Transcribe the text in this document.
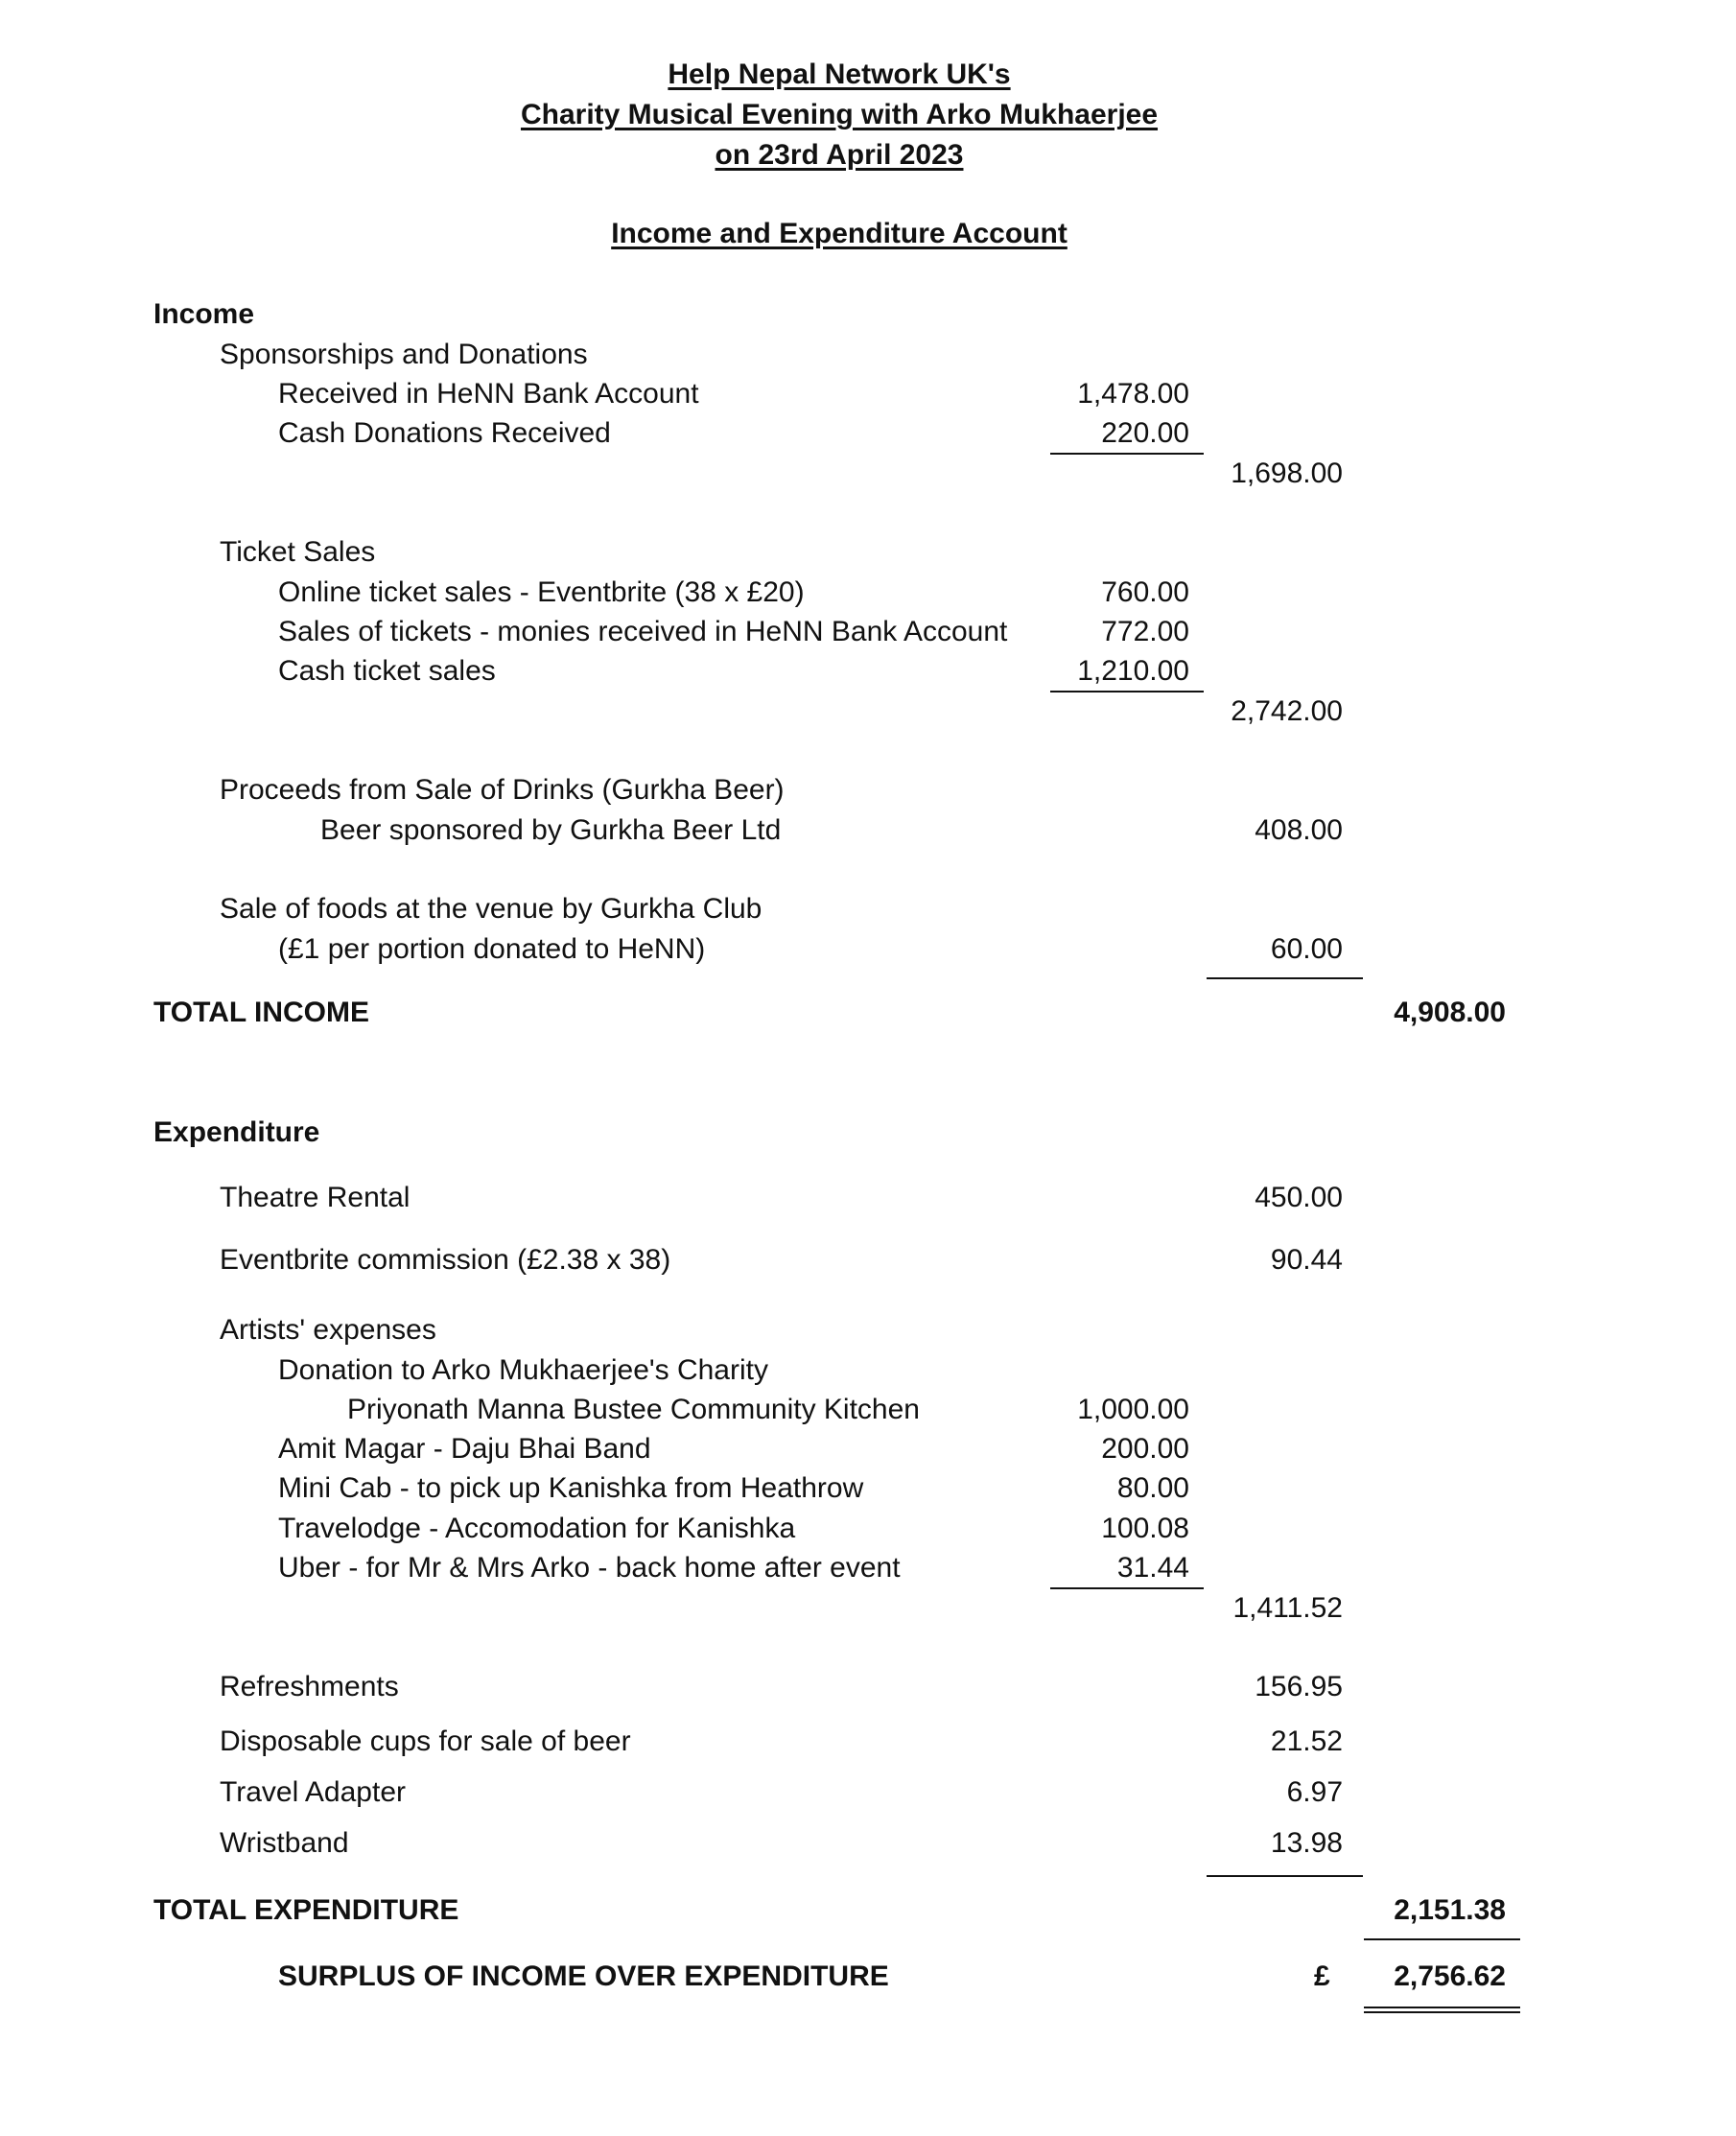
Help Nepal Network UK's
Charity Musical Evening with Arko Mukhaerjee
on 23rd April 2023
Income and Expenditure Account
Income
Sponsorships and Donations
Received in HeNN Bank Account	1,478.00
Cash Donations Received	220.00
1,698.00
Ticket Sales
Online ticket sales - Eventbrite (38 x £20)	760.00
Sales of tickets - monies received in HeNN Bank Account	772.00
Cash ticket sales	1,210.00
2,742.00
Proceeds from Sale of Drinks (Gurkha Beer)
Beer sponsored by Gurkha Beer Ltd	408.00
Sale of foods at the venue by Gurkha Club
(£1 per portion donated to HeNN)	60.00
TOTAL INCOME	4,908.00
Expenditure
Theatre Rental	450.00
Eventbrite commission (£2.38 x 38)	90.44
Artists' expenses
Donation to Arko Mukhaerjee's Charity
Priyonath Manna Bustee Community Kitchen	1,000.00
Amit Magar - Daju Bhai Band	200.00
Mini Cab - to pick up Kanishka from Heathrow	80.00
Travelodge - Accomodation for Kanishka	100.08
Uber - for Mr & Mrs Arko - back home after event	31.44
1,411.52
Refreshments	156.95
Disposable cups for sale of beer	21.52
Travel Adapter	6.97
Wristband	13.98
TOTAL EXPENDITURE	2,151.38
SURPLUS OF INCOME OVER EXPENDITURE	£	2,756.62
